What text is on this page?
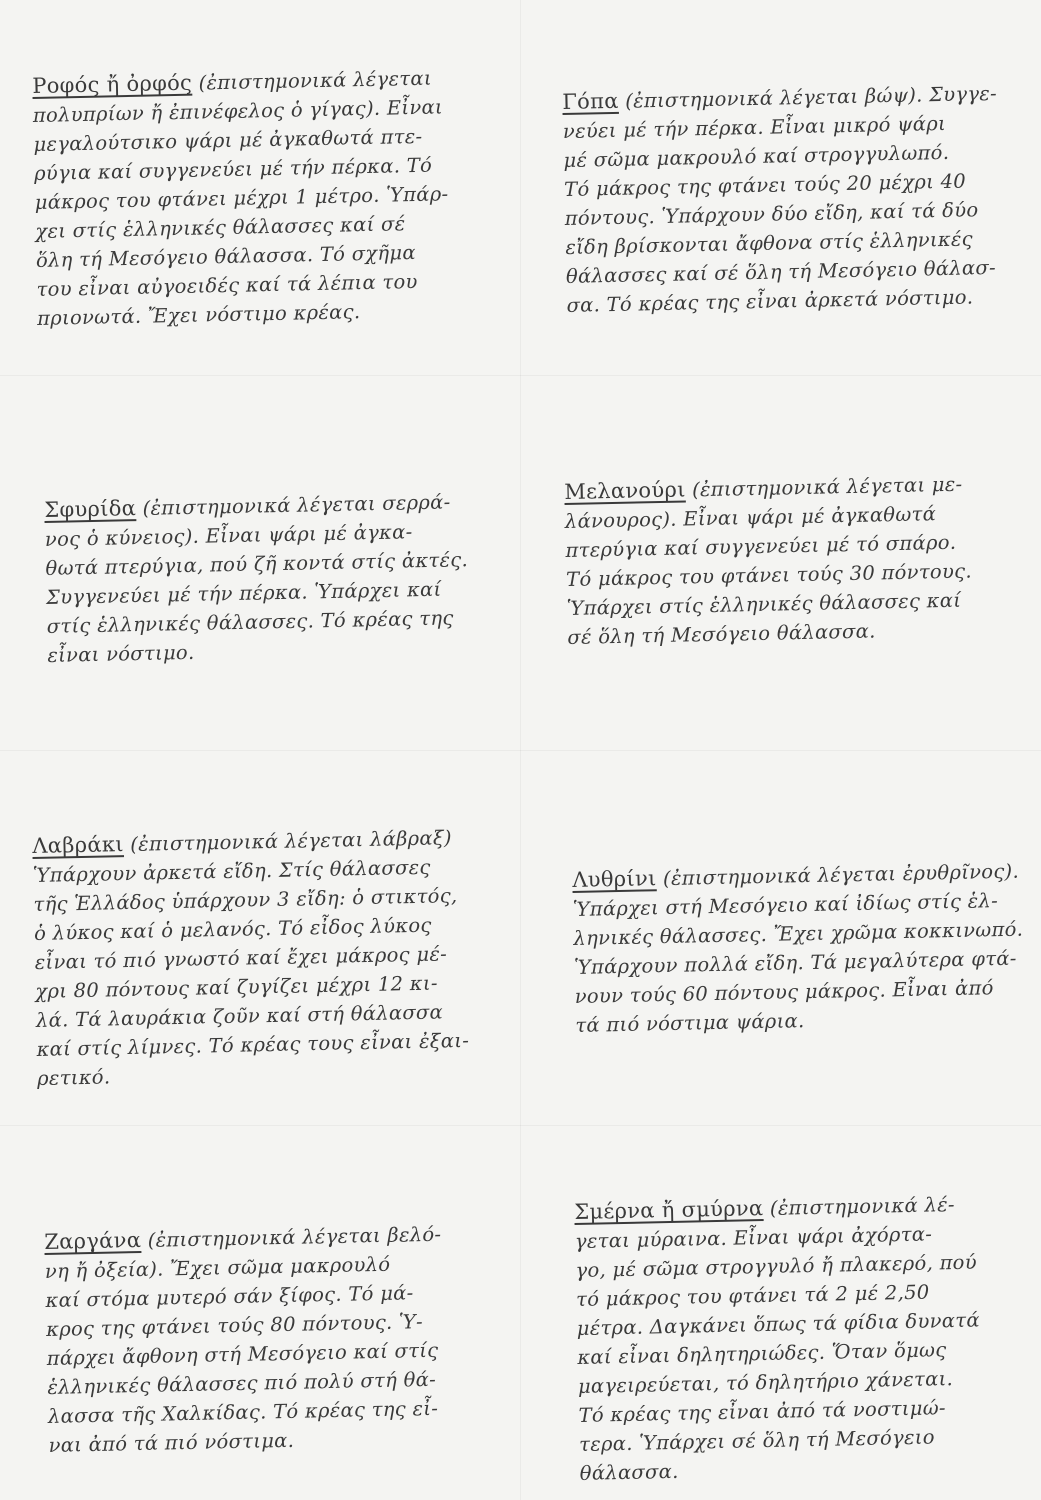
Ροφός ἤ ὀρφός (ἐπιστημονικά λέγεται
πολυπρίων ἤ ἐπινέφελος ὁ γίγας). Εἶναι
μεγαλούτσικο ψάρι μέ ἀγκαθωτά πτε-
ρύγια καί συγγενεύει μέ τήν πέρκα. Τό
μάκρος του φτάνει μέχρι 1 μέτρο. Ὑπάρ-
χει στίς ἑλληνικές θάλασσες καί σέ
ὅλη τή Μεσόγειο θάλασσα. Τό σχῆμα
του εἶναι αὐγοειδές καί τά λέπια του
πριονωτά. Ἔχει νόστιμο κρέας.
Γόπα (ἐπιστημονικά λέγεται βώψ). Συγγε-
νεύει μέ τήν πέρκα. Εἶναι μικρό ψάρι
μέ σῶμα μακρουλό καί στρογγυλωπό.
Τό μάκρος της φτάνει τούς 20 μέχρι 40
πόντους. Ὑπάρχουν δύο εἴδη, καί τά δύο
εἴδη βρίσκονται ἄφθονα στίς ἑλληνικές
θάλασσες καί σέ ὅλη τή Μεσόγειο θάλασ-
σα. Τό κρέας της εἶναι ἀρκετά νόστιμο.
Σφυρίδα (ἐπιστημονικά λέγεται σερρά-
νος ὁ κύνειος). Εἶναι ψάρι μέ ἀγκα-
θωτά πτερύγια, πού ζῆ κοντά στίς ἀκτές.
Συγγενεύει μέ τήν πέρκα. Ὑπάρχει καί
στίς ἑλληνικές θάλασσες. Τό κρέας της
εἶναι νόστιμο.
Μελανούρι (ἐπιστημονικά λέγεται με-
λάνουρος). Εἶναι ψάρι μέ ἀγκαθωτά
πτερύγια καί συγγενεύει μέ τό σπάρο.
Τό μάκρος του φτάνει τούς 30 πόντους.
Ὑπάρχει στίς ἑλληνικές θάλασσες καί
σέ ὅλη τή Μεσόγειο θάλασσα.
Λαβράκι (ἐπιστημονικά λέγεται λάβραξ)
Ὑπάρχουν ἀρκετά εἴδη. Στίς θάλασσες
τῆς Ἑλλάδος ὑπάρχουν 3 εἴδη: ὁ στικτός,
ὁ λύκος καί ὁ μελανός. Τό εἶδος λύκος
εἶναι τό πιό γνωστό καί ἔχει μάκρος μέ-
χρι 80 πόντους καί ζυγίζει μέχρι 12 κι-
λά. Τά λαυράκια ζοῦν καί στή θάλασσα
καί στίς λίμνες. Τό κρέας τους εἶναι ἐξαι-
ρετικό.
Λυθρίνι (ἐπιστημονικά λέγεται ἐρυθρῖνος).
Ὑπάρχει στή Μεσόγειο καί ἰδίως στίς ἑλ-
ληνικές θάλασσες. Ἔχει χρῶμα κοκκινωπό.
Ὑπάρχουν πολλά εἴδη. Τά μεγαλύτερα φτά-
νουν τούς 60 πόντους μάκρος. Εἶναι ἀπό
τά πιό νόστιμα ψάρια.
Ζαργάνα (ἐπιστημονικά λέγεται βελό-
νη ἤ ὀξεία). Ἔχει σῶμα μακρουλό
καί στόμα μυτερό σάν ξίφος. Τό μά-
κρος της φτάνει τούς 80 πόντους. Ὑ-
πάρχει ἄφθονη στή Μεσόγειο καί στίς
ἑλληνικές θάλασσες πιό πολύ στή θά-
λασσα τῆς Χαλκίδας. Τό κρέας της εἶ-
ναι ἀπό τά πιό νόστιμα.
Σμέρνα ἤ σμύρνα (ἐπιστημονικά λέ-
γεται μύραινα. Εἶναι ψάρι ἀχόρτα-
γο, μέ σῶμα στρογγυλό ἤ πλακερό, πού
τό μάκρος του φτάνει τά 2 μέ 2,50
μέτρα. Δαγκάνει ὅπως τά φίδια δυνατά
καί εἶναι δηλητηριώδες. Ὅταν ὅμως
μαγειρεύεται, τό δηλητήριο χάνεται.
Τό κρέας της εἶναι ἀπό τά νοστιμώ-
τερα. Ὑπάρχει σέ ὅλη τή Μεσόγειο
θάλασσα.
